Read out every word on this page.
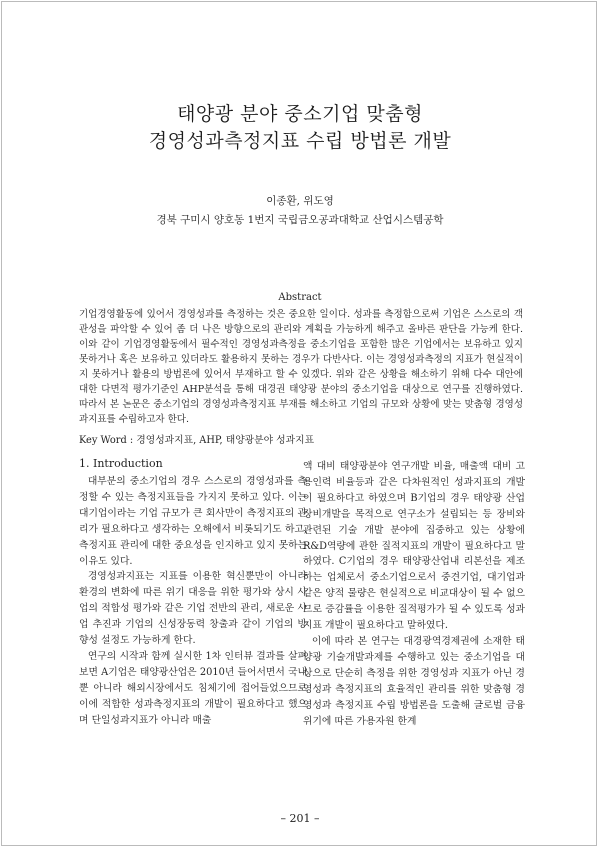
태양광 분야 중소기업 맞춤형
경영성과측정지표 수립 방법론 개발
이종환, 위도영
경북 구미시 양호동 1번지 국립금오공과대학교 산업시스템공학
Abstract
기업경영활동에 있어서 경영성과를 측정하는 것은 중요한 일이다. 성과를 측정함으로써 기업은 스스로의 객관성을 파악할 수 있어 좀 더 나은 방향으로의 관리와 계획을 가능하게 해주고 올바른 판단을 가능케 한다. 이와 같이 기업경영활동에서 필수적인 경영성과측정을 중소기업을 포함한 많은 기업에서는 보유하고 있지 못하거나 혹은 보유하고 있더라도 활용하지 못하는 경우가 다반사다. 이는 경영성과측정의 지표가 현실적이지 못하거나 활용의 방법론에 있어서 부재하고 할 수 있겠다. 위와 같은 상황을 해소하기 위해 다수 대안에 대한 다면적 평가기준인 AHP분석을 통해 대경권 태양광 분야의 중소기업을 대상으로 연구를 진행하였다. 따라서 본 논문은 중소기업의 경영성과측정지표 부재를 해소하고 기업의 규모와 상황에 맞는 맞춤형 경영성과지표를 수립하고자 한다.
Key Word : 경영성과지표, AHP, 태양광분야 성과지표
1. Introduction

대부분의 중소기업의 경우 스스로의 경영성과를 측정할 수 있는 측정지표들을 가지지 못하고 있다. 이는 대기업이라는 기업 규모가 큰 회사만이 측정지표의 관리가 필요하다고 생각하는 오해에서 비롯되기도 하고, 측정지표 관리에 대한 중요성을 인지하고 있지 못하는 이유도 있다.

경영성과지표는 지표를 이용한 혁신뿐만이 아니라 환경의 변화에 따른 위기 대응을 위한 평가와 상시 사업의 적합성 평가와 같은 기업 전반의 관리, 새로운 사업 추진과 기업의 신성장동력 창출과 같이 기업의 방향성 설정도 가능하게 한다.

연구의 시작과 함께 실시한 1차 인터뷰 결과를 살펴보면 A기업은 태양광산업은 2010년 들어서면서 국내뿐 아니라 해외시장에서도 침체기에 접어들었으므로 이에 적합한 성과측정지표의 개발이 필요하다고 했으며 단일성과지표가 아니라 매출

액 대비 태양광분야 연구개발 비율, 매출액 대비 고용인력 비율등과 같은 다차원적인 성과지표의 개발이 필요하다고 하였으며 B기업의 경우 태양광 산업 장비개발을 목적으로 연구소가 설립되는 등 장비와 관련된 기술 개발 분야에 집중하고 있는 상황에 R&D역량에 관한 질적지표의 개발이 필요하다고 말하였다. C기업의 경우 태양광산업내 리본선을 제조하는 업체로서 중소기업으로서 중견기업, 대기업과 같은 양적 물량은 현실적으로 비교대상이 될 수 없으므로 증감률을 이용한 질적평가가 될 수 있도록 성과지표 개발이 필요하다고 말하였다.

이에 따라 본 연구는 대경광역경제권에 소재한 태양광 기술개발과제를 수행하고 있는 중소기업을 대상으로 단순히 측정을 위한 경영성과 지표가 아닌 경영성과 측정지표의 효율적인 관리를 위한 맞춤형 경영성과 측정지표 수립 방법론을 도출해 글로벌 금융위기에 따른 가용자원 한계

– 201 –
